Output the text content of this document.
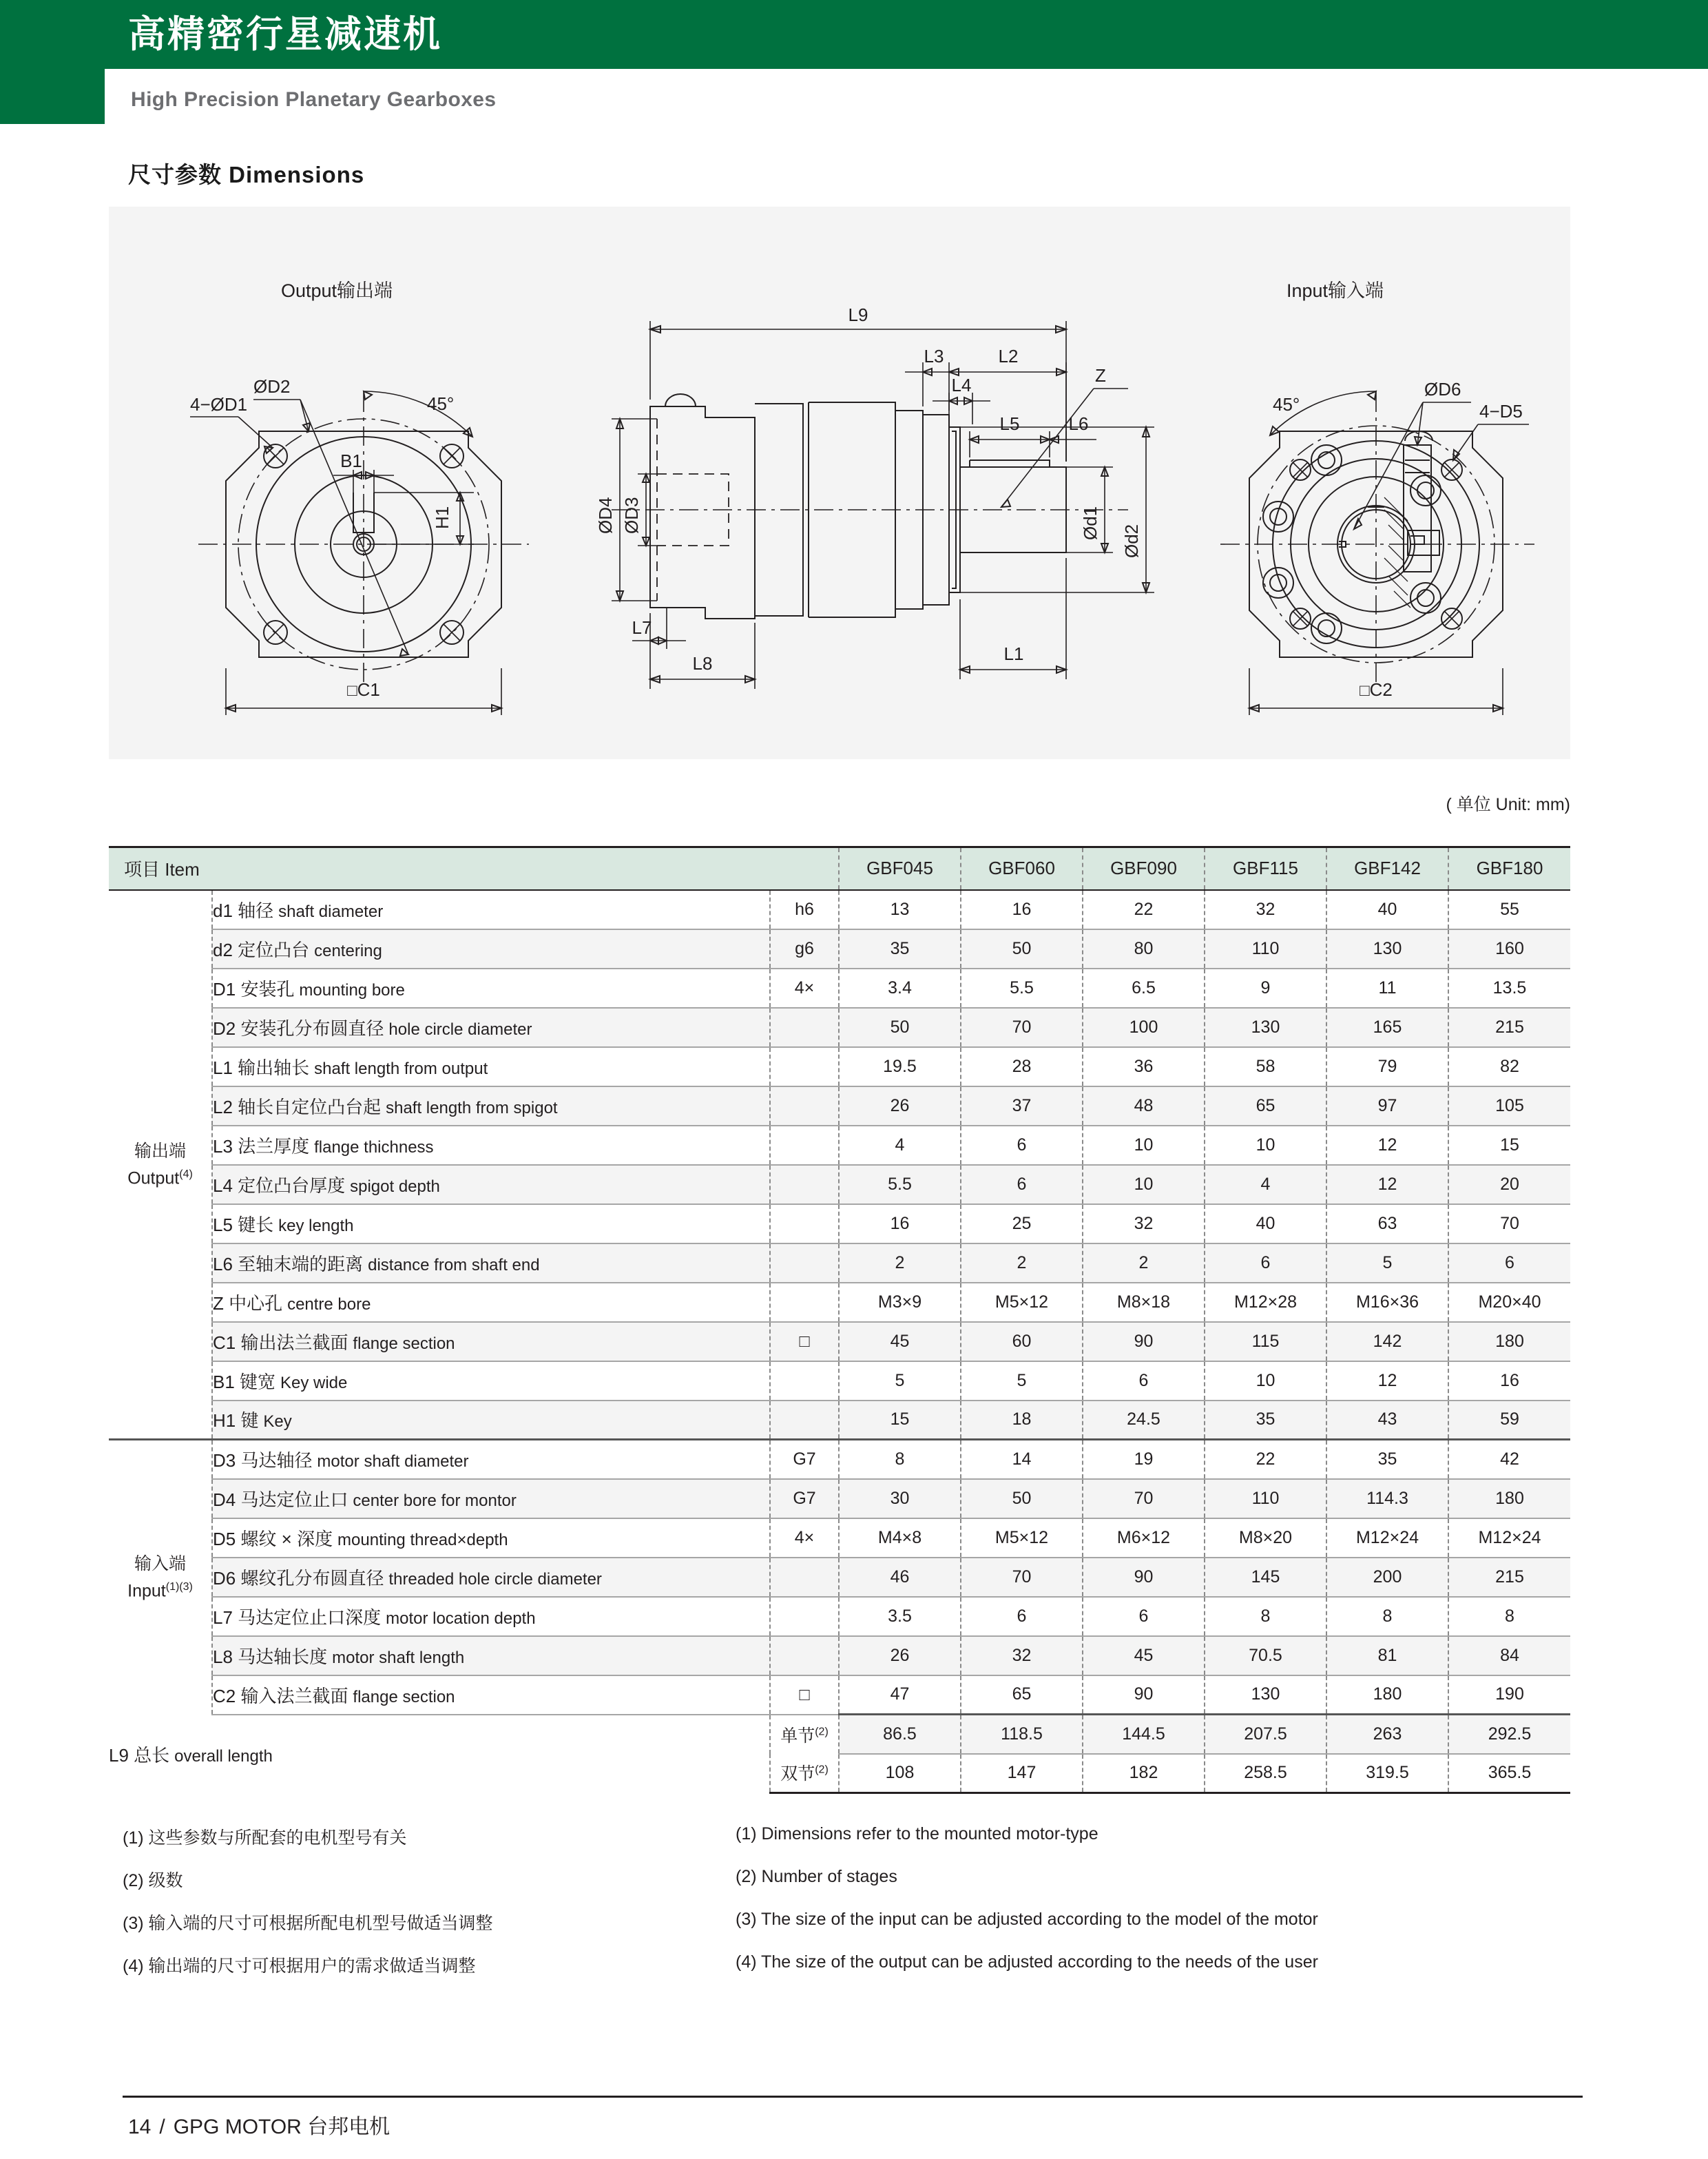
高精密行星减速机
High Precision Planetary Gearboxes
尺寸参数 Dimensions
Output输出端	Input输入端
H1
B1
4−ØD1
ØD2
45°
□C1
L9
L3	L2
L4
L5	L6
ØD4 ØD3	Ød1
Ød2
Z
L7
L8	L1
45°
ØD6
4−D5
□C2
( 单位 Unit: mm)
项目 Item			GBF045	GBF060	GBF090	GBF115	GBF142	GBF180
输出端
Output$^{(4)}$	d1 轴径 shaft diameter	h6	13	16	22	32	40	55
	d2 定位凸台 centering	g6	35	50	80	110	130	160
	D1 安装孔 mounting bore	4×	3.4	5.5	6.5	9	11	13.5
	D2 安装孔分布圆直径 hole circle diameter		50	70	100	130	165	215
	L1 输出轴长 shaft length from output		19.5	28	36	58	79	82
	L2 轴长自定位凸台起 shaft length from spigot		26	37	48	65	97	105
	L3 法兰厚度 flange thichness		4	6	10	10	12	15
	L4 定位凸台厚度 spigot depth		5.5	6	10	4	12	20
	L5 键长 key length		16	25	32	40	63	70
	L6 至轴末端的距离 distance from shaft end		2	2	2	6	5	6
	Z 中心孔 centre bore		M3×9	M5×12	M8×18	M12×28	M16×36	M20×40
	C1 输出法兰截面 flange section	□	45	60	90	115	142	180
	B1 键宽 Key wide		5	5	6	10	12	16
	H1 键 Key		15	18	24.5	35	43	59
输入端
Input$^{(1)(3)}$	D3 马达轴径 motor shaft diameter	G7	8	14	19	22	35	42
	D4 马达定位止口 center bore for montor	G7	30	50	70	110	114.3	180
	D5 螺纹 × 深度 mounting thread×depth	4×	M4×8	M5×12	M6×12	M8×20	M12×24	M12×24
	D6 螺纹孔分布圆直径 threaded hole circle diameter		46	70	90	145	200	215
	L7 马达定位止口深度 motor location depth		3.5	6	6	8	8	8
	L8 马达轴长度 motor shaft length		26	32	45	70.5	81	84
	C2 输入法兰截面 flange section	□	47	65	90	130	180	190
L9 总长 overall length		单节$^{(2)}$	86.5	118.5	144.5	207.5	263	292.5
		双节$^{(2)}$	108	147	182	258.5	319.5	365.5
(1) 这些参数与所配套的电机型号有关	(1) Dimensions refer to the mounted motor-type
(2) 级数	(2) Number of stages
(3) 输入端的尺寸可根据所配电机型号做适当调整	(3) The size of the input can be adjusted according to the model of the motor
(4) 输出端的尺寸可根据用户的需求做适当调整	(4) The size of the output can be adjusted according to the needs of the user
14 / GPG MOTOR 台邦电机
